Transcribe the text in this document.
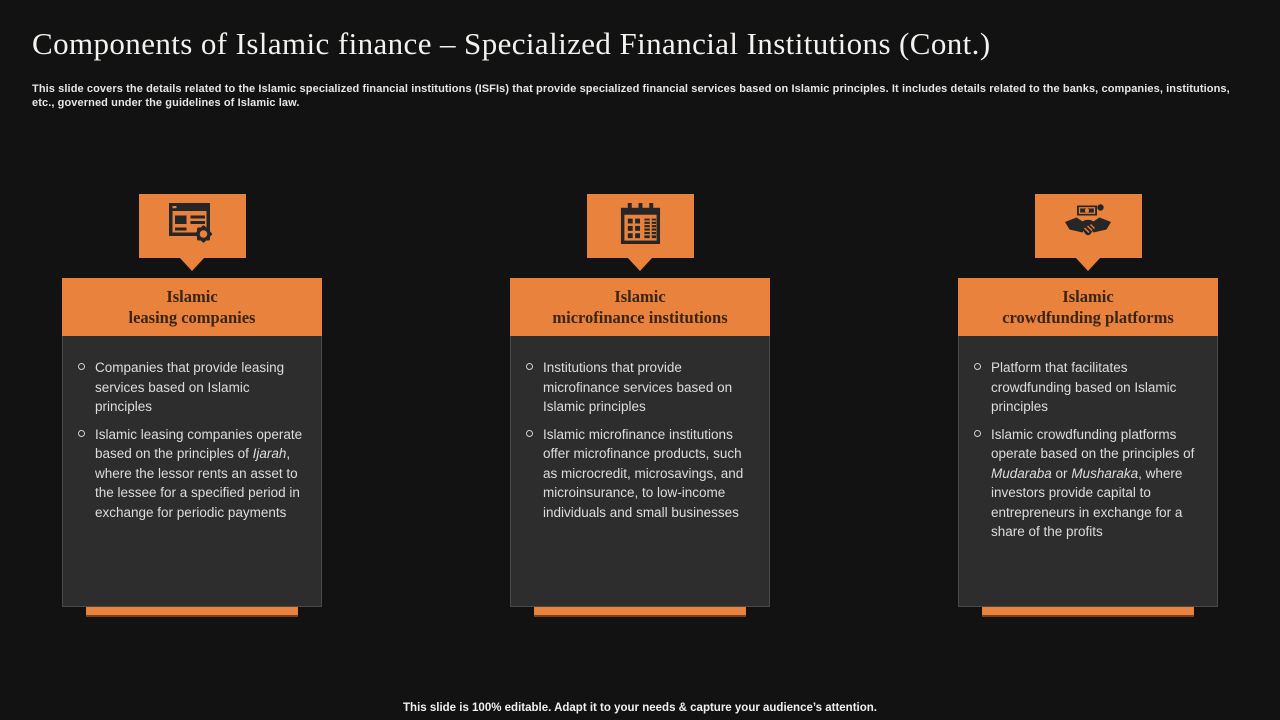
Components of Islamic finance – Specialized Financial Institutions (Cont.)
This slide covers the details related to the Islamic specialized financial institutions (ISFIs) that provide specialized financial services based on Islamic principles. It includes details related to the banks, companies, institutions, etc., governed under the guidelines of Islamic law.
Islamic
leasing companies
Companies that provide leasing services based on Islamic principles
Islamic leasing companies operate based on the principles of Ijarah, where the lessor rents an asset to the lessee for a specified period in exchange for periodic payments
Islamic
microfinance institutions
Institutions that provide microfinance services based on Islamic principles
Islamic microfinance institutions offer microfinance products, such as microcredit, microsavings, and microinsurance, to low-income individuals and small businesses
Islamic
crowdfunding platforms
Platform that facilitates crowdfunding based on Islamic principles
Islamic crowdfunding platforms operate based on the principles of Mudaraba or Musharaka, where investors provide capital to entrepreneurs in exchange for a share of the profits
This slide is 100% editable. Adapt it to your needs & capture your audience’s attention.
